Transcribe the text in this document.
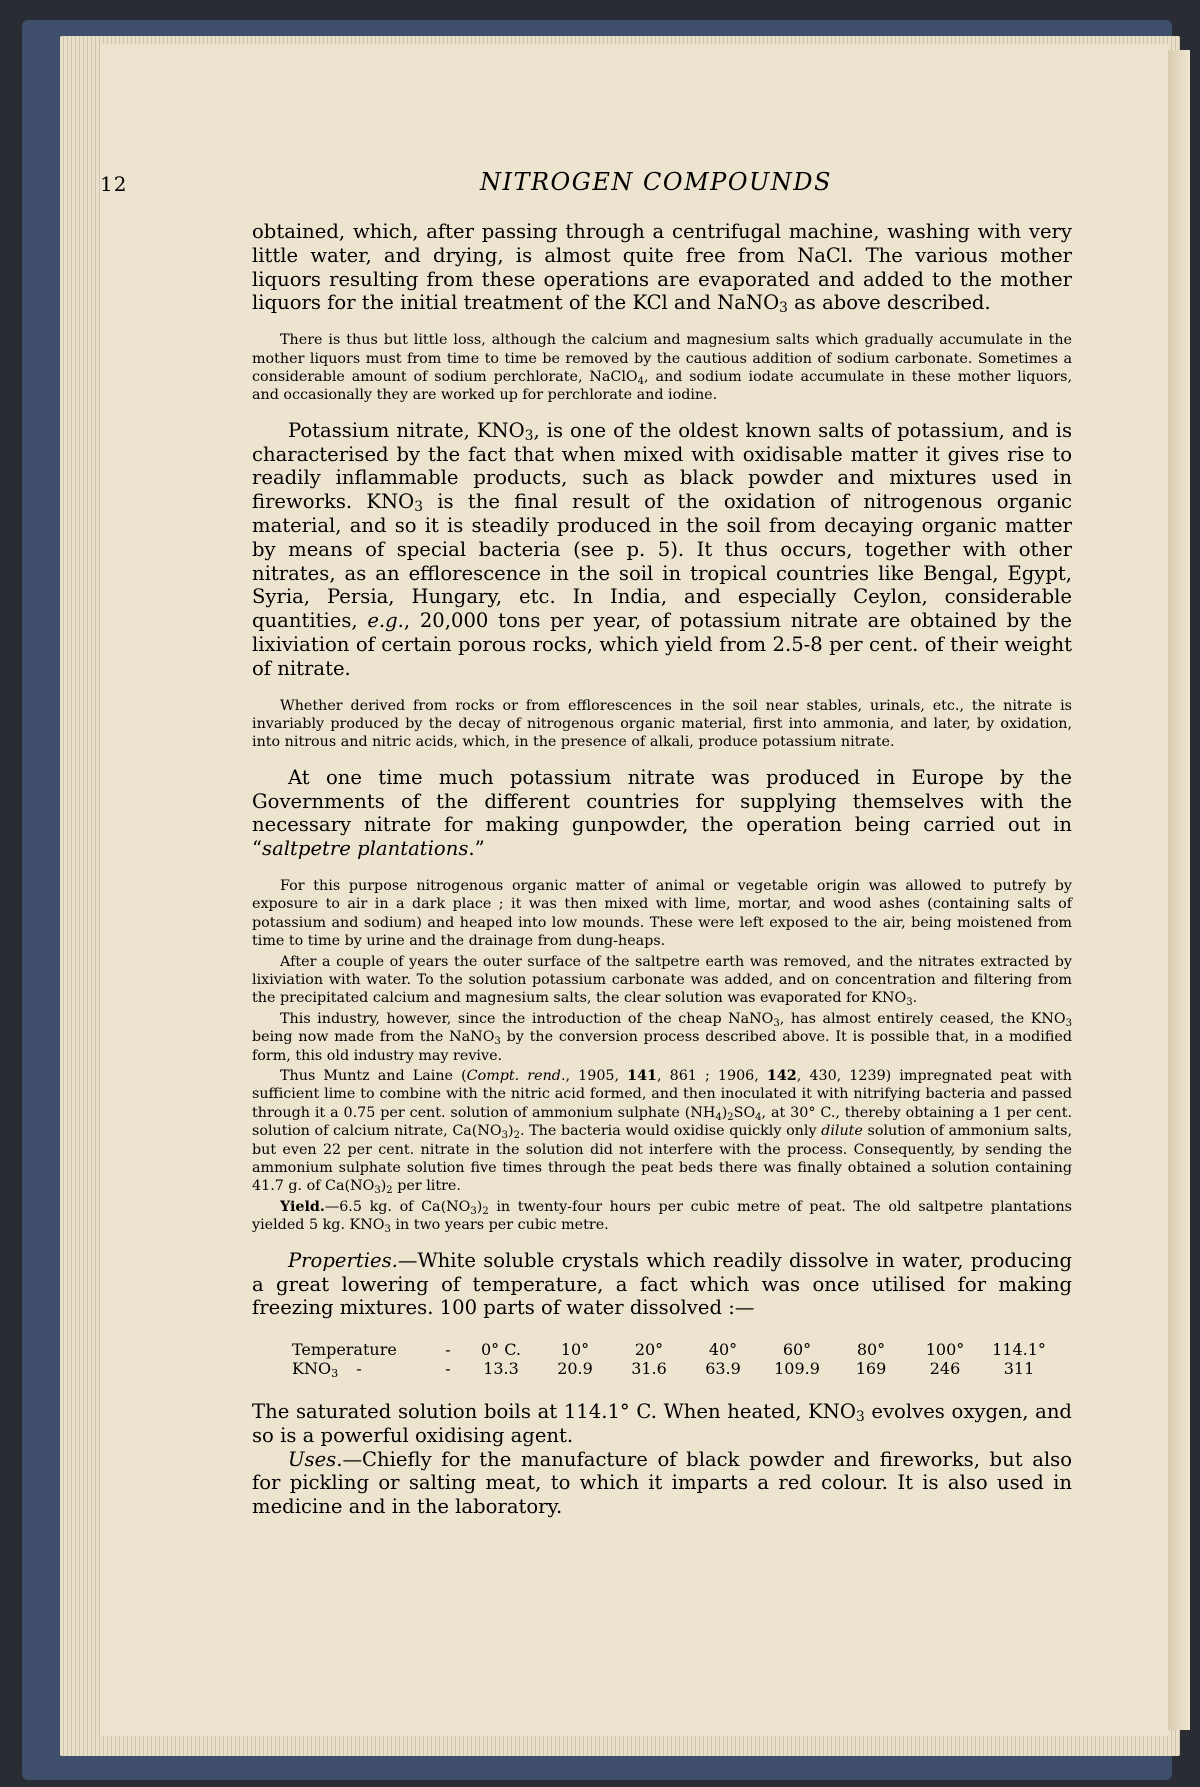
12	NITROGEN COMPOUNDS

obtained, which, after passing through a centrifugal machine, washing with very little water, and drying, is almost quite free from NaCl. The various mother liquors resulting from these operations are evaporated and added to the mother liquors for the initial treatment of the KCl and NaNO$_3$ as above described.

There is thus but little loss, although the calcium and magnesium salts which gradually accumulate in the mother liquors must from time to time be removed by the cautious addition of sodium carbonate. Sometimes a considerable amount of sodium perchlorate, NaClO$_4$, and sodium iodate accumulate in these mother liquors, and occasionally they are worked up for perchlorate and iodine.

Potassium nitrate, $KNO_3$, is one of the oldest known salts of potassium, and is characterised by the fact that when mixed with oxidisable matter it gives rise to readily inflammable products, such as black powder and mixtures used in fireworks. $KNO_3$ is the final result of the oxidation of nitrogenous organic material, and so it is steadily produced in the soil from decaying organic matter by means of special bacteria (see p. 5). It thus occurs, together with other nitrates, as an efflorescence in the soil in tropical countries like Bengal, Egypt, Syria, Persia, Hungary, etc. In India, and especially Ceylon, considerable quantities, e.g., 20,000 tons per year, of potassium nitrate are obtained by the lixiviation of certain porous rocks, which yield from 2.5-8 per cent. of their weight of nitrate.

Whether derived from rocks or from efflorescences in the soil near stables, urinals, etc., the nitrate is invariably produced by the decay of nitrogenous organic material, first into ammonia, and later, by oxidation, into nitrous and nitric acids, which, in the presence of alkali, produce potassium nitrate.

At one time much potassium nitrate was produced in Europe by the Governments of the different countries for supplying themselves with the necessary nitrate for making gunpowder, the operation being carried out in “saltpetre plantations.”

For this purpose nitrogenous organic matter of animal or vegetable origin was allowed to putrefy by exposure to air in a dark place ; it was then mixed with lime, mortar, and wood ashes (containing salts of potassium and sodium) and heaped into low mounds. These were left exposed to the air, being moistened from time to time by urine and the drainage from dung-heaps.

After a couple of years the outer surface of the saltpetre earth was removed, and the nitrates extracted by lixiviation with water. To the solution potassium carbonate was added, and on concentration and filtering from the precipitated calcium and magnesium salts, the clear solution was evaporated for $KNO_3$.

This industry, however, since the introduction of the cheap NaNO$_3$, has almost entirely ceased, the $KNO_3$ being now made from the NaNO$_3$ by the conversion process described above. It is possible that, in a modified form, this old industry may revive.

Thus Muntz and Laine (Compt. rend., 1905, 141, 861 ; 1906, 142, 430, 1239) impregnated peat with sufficient lime to combine with the nitric acid formed, and then inoculated it with nitrifying bacteria and passed through it a 0.75 per cent. solution of ammonium sulphate $(NH_4)_2SO_4$, at 30° C., thereby obtaining a 1 per cent. solution of calcium nitrate, $Ca(NO_3)_2$. The bacteria would oxidise quickly only dilute solution of ammonium salts, but even 22 per cent. nitrate in the solution did not interfere with the process. Consequently, by sending the ammonium sulphate solution five times through the peat beds there was finally obtained a solution containing 41.7 g. of $Ca(NO_3)_2$ per litre.

Yield.—6.5 kg. of $Ca(NO_3)_2$ in twenty-four hours per cubic metre of peat. The old saltpetre plantations yielded 5 kg. $KNO_3$ in two years per cubic metre.

Properties.—White soluble crystals which readily dissolve in water, producing a great lowering of temperature, a fact which was once utilised for making freezing mixtures. 100 parts of water dissolved :—

Temperature	-	0° C.	10°	20°	40°	60°	80°	100°	114.1°
$KNO_3$ -	-	13.3	20.9	31.6	63.9	109.9	169	246	311

The saturated solution boils at 114.1° C. When heated, $KNO_3$ evolves oxygen, and so is a powerful oxidising agent.

Uses.—Chiefly for the manufacture of black powder and fireworks, but also for pickling or salting meat, to which it imparts a red colour. It is also used in medicine and in the laboratory.
